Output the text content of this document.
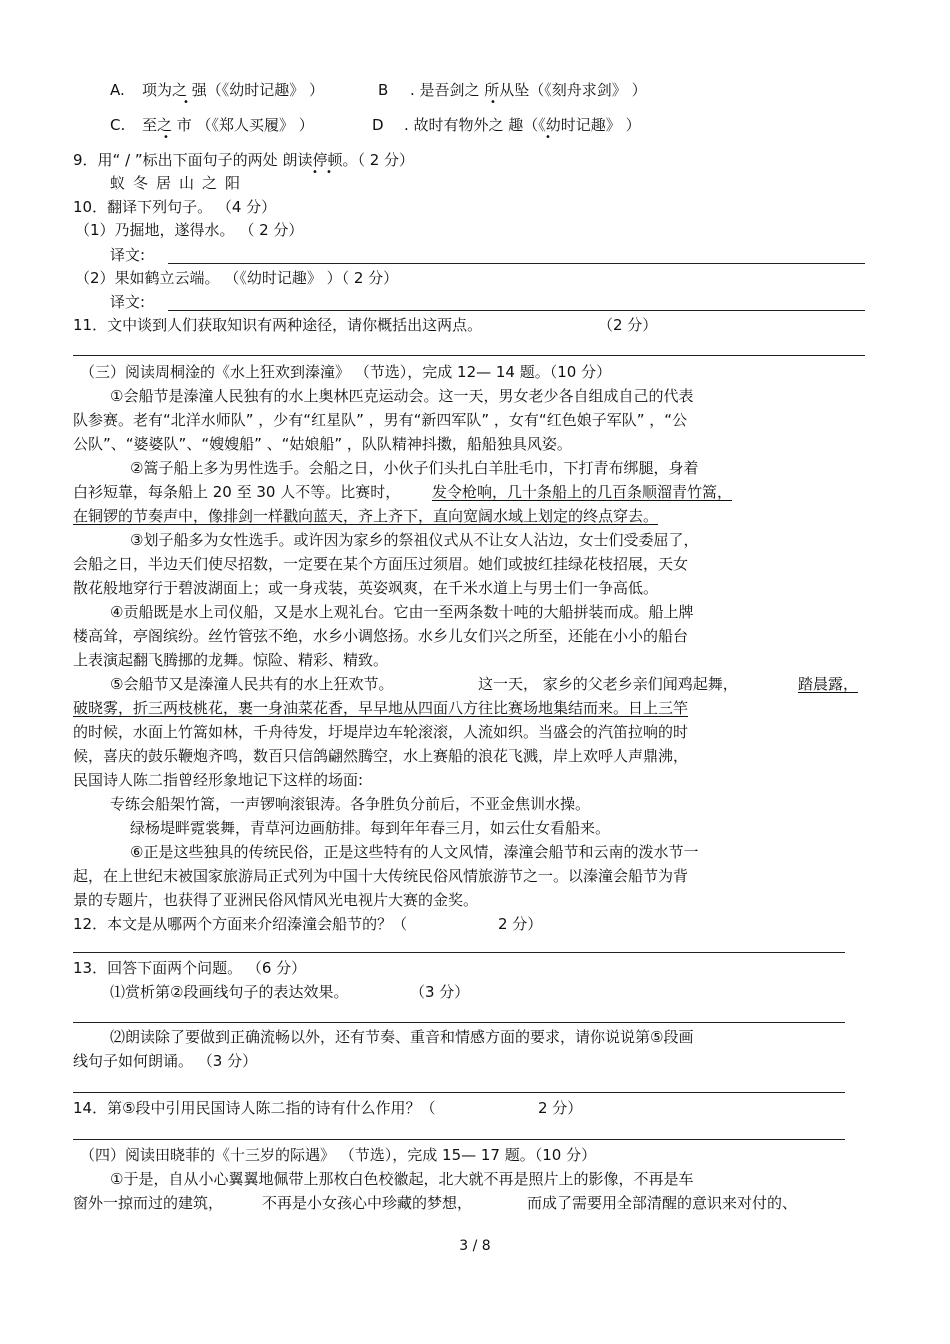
A. 项为之 强（《幼时记趣》 ）
•
B . 是吾剑之 所从坠（《刻舟求剑》 ）
•
C. 至之 市 （《郑人买履》 ）
•
D . 故时有物外之 趣（《幼时记趣》 ）
•
9．用“ / ”标出下面句子的两处 朗读停顿。（ 2 分）
• •
蚁冬居山之阳
10．翻译下列句子。 （4 分）
（1）乃掘地，遂得水。 （ 2 分）
译文:
（2）果如鹤立云端。 （《幼时记趣》 ）（ 2 分）
译文:
11．文中谈到人们获取知识有两种途径，请你概括出这两点。	（2 分）
（三）阅读周桐淦的《水上狂欢到溱潼》 （节选），完成 12— 14 题。（10 分）
①会船节是溱潼人民独有的水上奥林匹克运动会。这一天，男女老少各自组成自己的代表
队参赛。老有“北洋水师队” ，少有“红星队” ，男有“新四军队” ，女有“红色娘子军队” ，“公
公队”、“婆婆队”、“嫂嫂船” 、“姑娘船” ，队队精神抖擞，船船独具风姿。
②篙子船上多为男性选手。会船之日，小伙子们头扎白羊肚毛巾，下打青布绑腿，身着
白衫短靠，每条船上 20 至 30 人不等。比赛时， 发令枪响，几十条船上的几百条顺溜青竹篙，
在铜锣的节奏声中，像排剑一样戳向蓝天，齐上齐下，直向宽阔水域上划定的终点穿去。
③划子船多为女性选手。或许因为家乡的祭祖仪式从不让女人沾边，女士们受委屈了，
会船之日，半边天们使尽招数，一定要在某个方面压过须眉。她们或披红挂绿花枝招展，天女
散花般地穿行于碧波湖面上；或一身戎装，英姿飒爽，在千米水道上与男士们一争高低。
④贡船既是水上司仪船，又是水上观礼台。它由一至两条数十吨的大船拼装而成。船上牌
楼高耸，亭阁缤纷。丝竹管弦不绝，水乡小调悠扬。水乡儿女们兴之所至，还能在小小的船台
上表演起翻飞腾挪的龙舞。惊险、精彩、精致。
⑤会船节又是溱潼人民共有的水上狂欢节。	这一天， 家乡的父老乡亲们闻鸡起舞，	踏晨露，
破晓雾，折三两枝桃花，裹一身油菜花香，早早地从四面八方往比赛场地集结而来。日上三竿
的时候，水面上竹篙如林，千舟待发，圩堤岸边车轮滚滚，人流如织。当盛会的汽笛拉响的时
候，喜庆的鼓乐鞭炮齐鸣，数百只信鸽翩然腾空，水上赛船的浪花飞溅，岸上欢呼人声鼎沸，
民国诗人陈二指曾经形象地记下这样的场面:
专练会船架竹篙，一声锣响滚银涛。各争胜负分前后，不亚金焦训水操。
绿杨堤畔霓裳舞，青草河边画舫排。每到年年春三月，如云仕女看船来。
⑥正是这些独具的传统民俗，正是这些特有的人文风情，溱潼会船节和云南的泼水节一
起，在上世纪末被国家旅游局正式列为中国十大传统民俗风情旅游节之一。以溱潼会船节为背
景的专题片，也获得了亚洲民俗风情风光电视片大赛的金奖。
12．本文是从哪两个方面来介绍溱潼会船节的？（	2 分）
13．回答下面两个问题。 （6 分）
⑴赏析第②段画线句子的表达效果。	（3 分）
⑵朗读除了要做到正确流畅以外，还有节奏、重音和情感方面的要求，请你说说第⑤段画
线句子如何朗诵。 （3 分）
14．第⑤段中引用民国诗人陈二指的诗有什么作用？（	2 分）
（四）阅读田晓菲的《十三岁的际遇》 （节选），完成 15— 17 题。（10 分）
①于是，自从小心翼翼地佩带上那枚白色校徽起，北大就不再是照片上的影像，不再是车
窗外一掠而过的建筑，	不再是小女孩心中珍藏的梦想，	而成了需要用全部清醒的意识来对付的、
3 / 8
